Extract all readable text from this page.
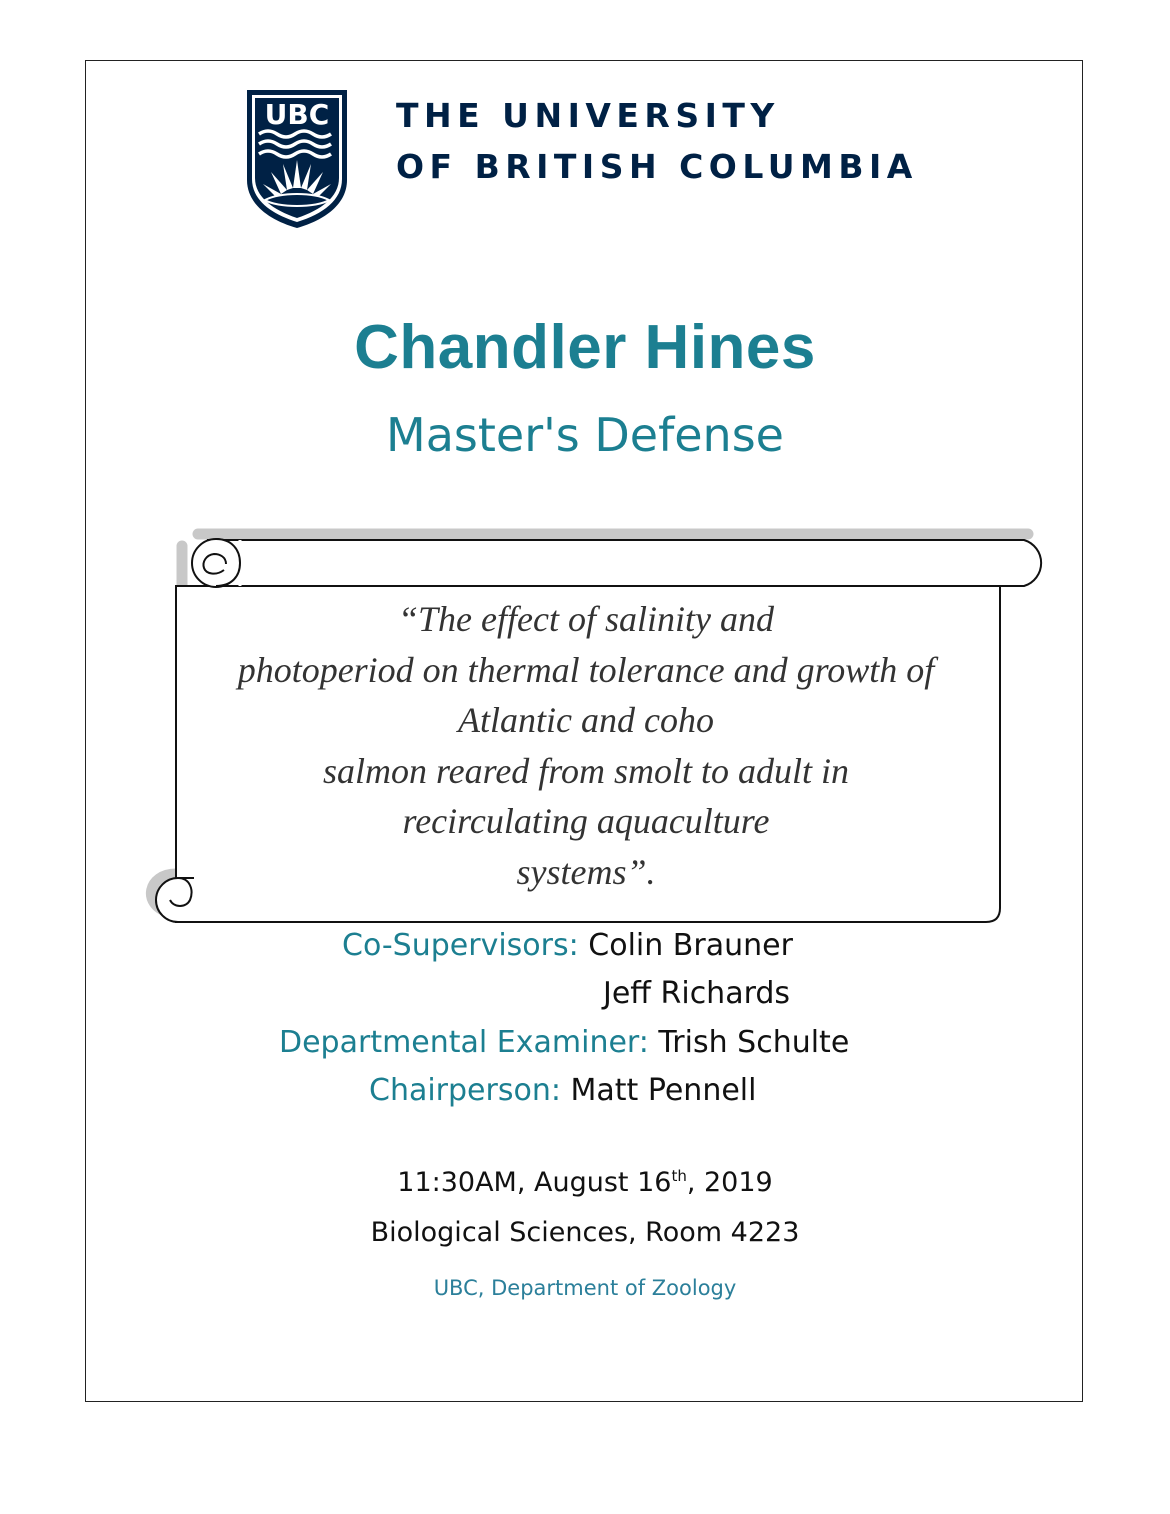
UBC THE UNIVERSITY
OF BRITISH COLUMBIA
Chandler Hines
Master's Defense
“The effect of salinity and
photoperiod on thermal tolerance and growth of
Atlantic and coho
salmon reared from smolt to adult in
recirculating aquaculture
systems”.
Co-Supervisors: Colin Brauner
Jeff Richards
Departmental Examiner: Trish Schulte
Chairperson: Matt Pennell
11:30AM, August 16th, 2019
Biological Sciences, Room 4223
UBC, Department of Zoology
